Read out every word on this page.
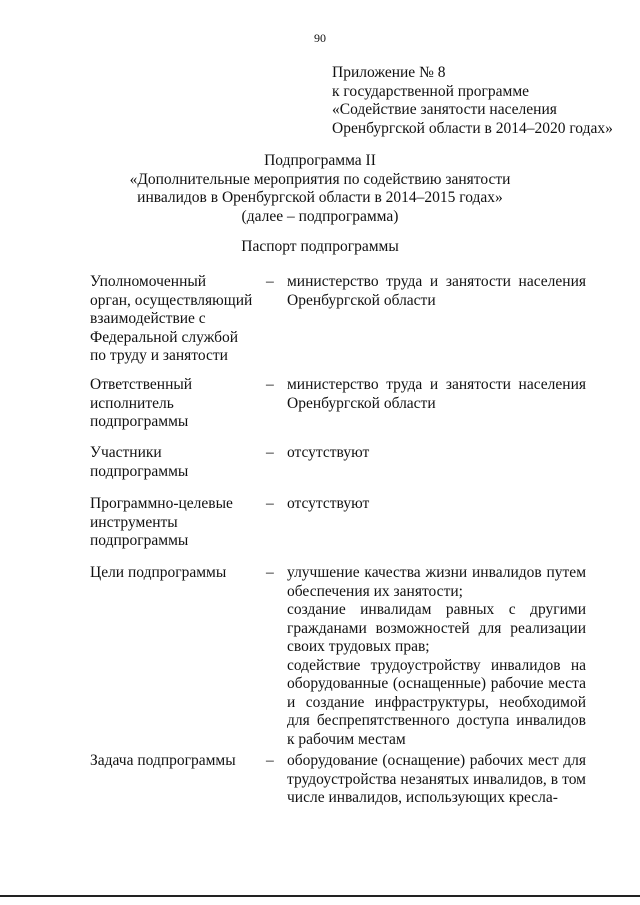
90
Приложение № 8
к государственной программе
«Содействие занятости населения
Оренбургской области в 2014–2020 годах»
Подпрограмма II
«Дополнительные мероприятия по содействию занятости
инвалидов в Оренбургской области в 2014–2015 годах»
(далее – подпрограмма)
Паспорт подпрограммы
Уполномоченный
орган, осуществляющий
взаимодействие с
Федеральной службой
по труду и занятости
– министерство труда и занятости населения Оренбургской области

Ответственный
исполнитель
подпрограммы
– министерство труда и занятости населения Оренбургской области

Участники
подпрограммы
– отсутствуют

Программно-целевые
инструменты
подпрограммы
– отсутствуют

Цели подпрограммы	– улучшение качества жизни инвалидов путем обеспечения их занятости;

создание инвалидам равных с другими гражданами возможностей для реализации своих трудовых прав;

содействие трудоустройству инвалидов на оборудованные (оснащенные) рабочие места и создание инфраструктуры, необходимой для беспрепятственного доступа инвалидов к рабочим местам

Задача подпрограммы	– оборудование (оснащение) рабочих мест для трудоустройства незанятых инвалидов, в том числе инвалидов, использующих кресла-
